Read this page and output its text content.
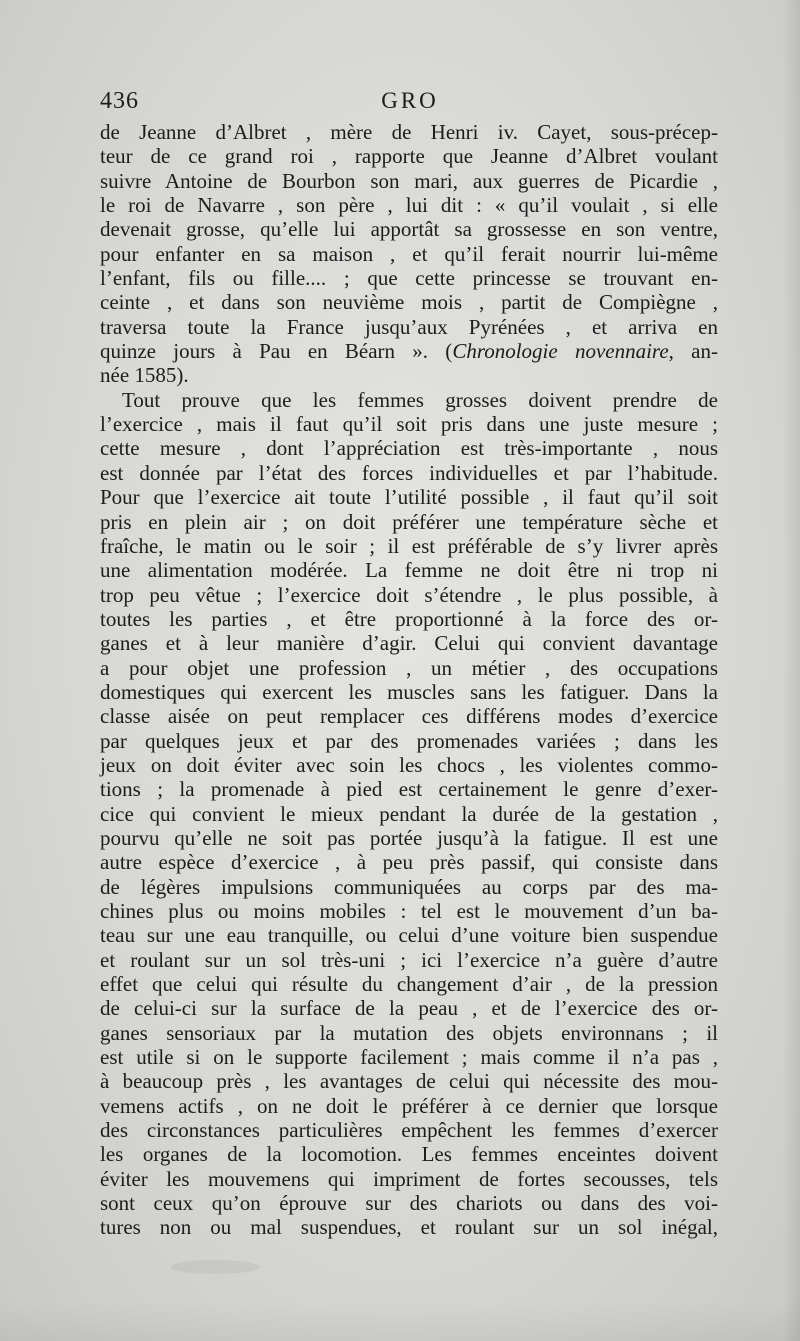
436	GRO
de Jeanne d’Albret , mère de Henri iv. Cayet, sous-précep-
teur de ce grand roi , rapporte que Jeanne d’Albret voulant
suivre Antoine de Bourbon son mari, aux guerres de Picardie ,
le roi de Navarre , son père , lui dit : « qu’il voulait , si elle
devenait grosse, qu’elle lui apportât sa grossesse en son ventre,
pour enfanter en sa maison , et qu’il ferait nourrir lui-même
l’enfant, fils ou fille.... ; que cette princesse se trouvant en-
ceinte , et dans son neuvième mois , partit de Compiègne ,
traversa toute la France jusqu’aux Pyrénées , et arriva en
quinze jours à Pau en Béarn ». (Chronologie novennaire, an-
née 1585).
Tout prouve que les femmes grosses doivent prendre de
l’exercice , mais il faut qu’il soit pris dans une juste mesure ;
cette mesure , dont l’appréciation est très-importante , nous
est donnée par l’état des forces individuelles et par l’habitude.
Pour que l’exercice ait toute l’utilité possible , il faut qu’il soit
pris en plein air ; on doit préférer une température sèche et
fraîche, le matin ou le soir ; il est préférable de s’y livrer après
une alimentation modérée. La femme ne doit être ni trop ni
trop peu vêtue ; l’exercice doit s’étendre , le plus possible, à
toutes les parties , et être proportionné à la force des or-
ganes et à leur manière d’agir. Celui qui convient davantage
a pour objet une profession , un métier , des occupations
domestiques qui exercent les muscles sans les fatiguer. Dans la
classe aisée on peut remplacer ces différens modes d’exercice
par quelques jeux et par des promenades variées ; dans les
jeux on doit éviter avec soin les chocs , les violentes commo-
tions ; la promenade à pied est certainement le genre d’exer-
cice qui convient le mieux pendant la durée de la gestation ,
pourvu qu’elle ne soit pas portée jusqu’à la fatigue. Il est une
autre espèce d’exercice , à peu près passif, qui consiste dans
de légères impulsions communiquées au corps par des ma-
chines plus ou moins mobiles : tel est le mouvement d’un ba-
teau sur une eau tranquille, ou celui d’une voiture bien suspendue
et roulant sur un sol très-uni ; ici l’exercice n’a guère d’autre
effet que celui qui résulte du changement d’air , de la pression
de celui-ci sur la surface de la peau , et de l’exercice des or-
ganes sensoriaux par la mutation des objets environnans ; il
est utile si on le supporte facilement ; mais comme il n’a pas ,
à beaucoup près , les avantages de celui qui nécessite des mou-
vemens actifs , on ne doit le préférer à ce dernier que lorsque
des circonstances particulières empêchent les femmes d’exercer
les organes de la locomotion. Les femmes enceintes doivent
éviter les mouvemens qui impriment de fortes secousses, tels
sont ceux qu’on éprouve sur des chariots ou dans des voi-
tures non ou mal suspendues, et roulant sur un sol inégal,
